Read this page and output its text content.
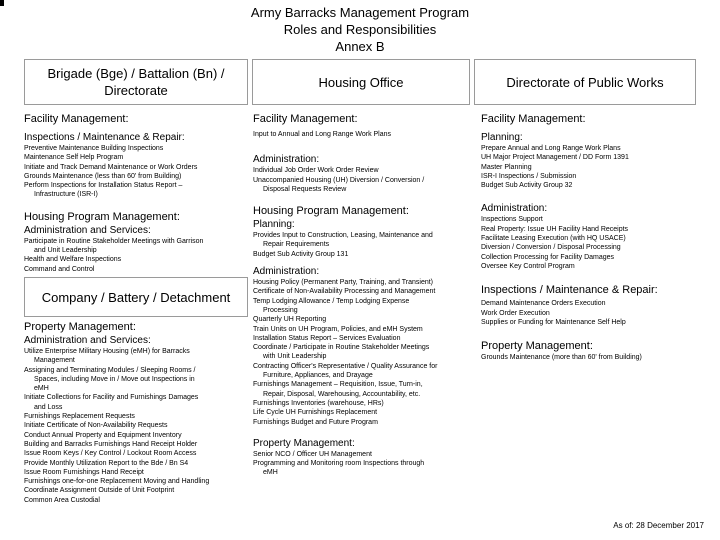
Army Barracks Management Program
Roles and Responsibilities
Annex B
Brigade (Bge) / Battalion (Bn) / Directorate
Housing Office	Directorate of Public Works

Facility Management:

Inspections / Maintenance & Repair:

Preventive Maintenance Building Inspections

Maintenance Self Help Program

Initiate and Track Demand Maintenance or Work Orders

Grounds Maintenance (less than 60' from Building)

Perform Inspections for Installation Status Report –

Infrastructure (ISR-I)

Housing Program Management:

Administration and Services:

Participate in Routine Stakeholder Meetings with Garrison

and Unit Leadership

Health and Welfare Inspections

Command and Control

Company / Battery / Detachment

Property Management:

Administration and Services:

Utilize Enterprise Military Housing (eMH) for Barracks

Management

Assigning and Terminating Modules / Sleeping Rooms /

Spaces, including Move in / Move out Inspections in

eMH

Initiate Collections for Facility and Furnishings Damages

and Loss

Furnishings Replacement Requests

Initiate Certificate of Non-Availability Requests

Conduct Annual Property and Equipment Inventory

Building and Barracks Furnishings Hand Receipt Holder

Issue Room Keys / Key Control / Lockout Room Access

Provide Monthly Utilization Report to the Bde / Bn S4

Issue Room Furnishings Hand Receipt

Furnishings one-for-one Replacement Moving and Handling

Coordinate Assignment Outside of Unit Footprint

Common Area Custodial

Facility Management:

Input to Annual and Long Range Work Plans

Administration:

Individual Job Order Work Order Review

Unaccompanied Housing (UH) Diversion / Conversion /

Disposal Requests Review

Housing Program Management:

Planning:

Provides Input to Construction, Leasing, Maintenance and

Repair Requirements

Budget Sub Activity Group 131

Administration:

Housing Policy (Permanent Party, Training, and Transient)

Certificate of Non-Availability Processing and Management

Temp Lodging Allowance / Temp Lodging Expense

Processing

Quarterly UH Reporting

Train Units on UH Program, Policies, and eMH System

Installation Status Report – Services Evaluation

Coordinate / Participate in Routine Stakeholder Meetings

with Unit Leadership

Contracting Officer's Representative / Quality Assurance for

Furniture, Appliances, and Drayage

Furnishings Management – Requisition, Issue, Turn-in,

Repair, Disposal, Warehousing, Accountability, etc.

Furnishings Inventories (warehouse, HRs)

Life Cycle UH Furnishings Replacement

Furnishings Budget and Future Program

Property Management:

Senior NCO / Officer UH Management

Programming and Monitoring room Inspections through

eMH

Facility Management:

Planning:

Prepare Annual and Long Range Work Plans

UH Major Project Management / DD Form 1391

Master Planning

ISR-I Inspections / Submission

Budget Sub Activity Group 32

Administration:

Inspections Support

Real Property: Issue UH Facility Hand Receipts

Facilitate Leasing Execution (with HQ USACE)

Diversion / Conversion / Disposal Processing

Collection Processing for Facility Damages

Oversee Key Control Program

Inspections / Maintenance & Repair:

Demand Maintenance Orders Execution

Work Order Execution

Supplies or Funding for Maintenance Self Help

Property Management:

Grounds Maintenance (more than 60' from Building)

As of: 28 December 2017
